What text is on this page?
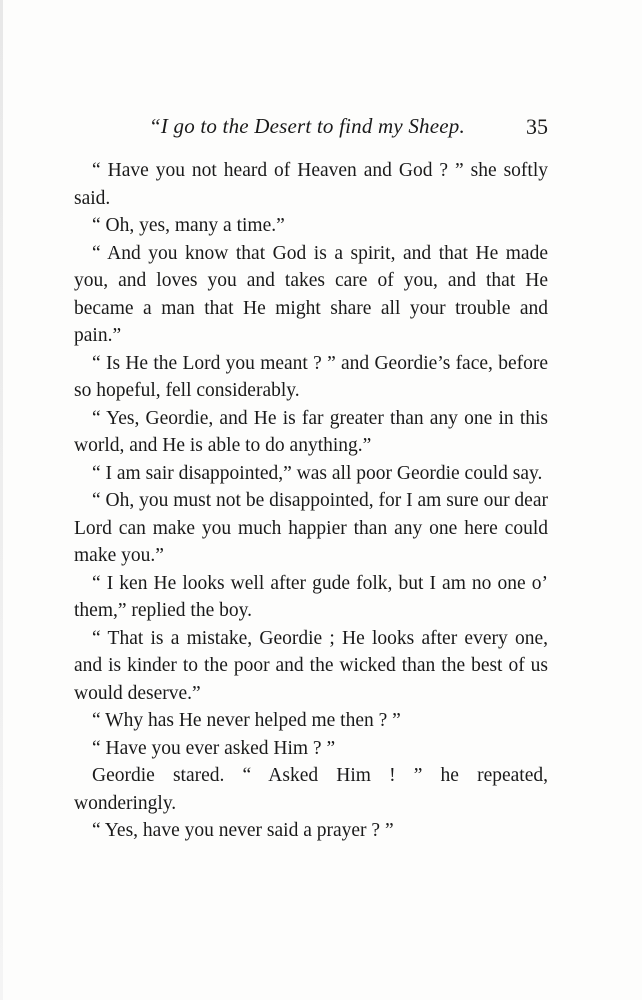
“I go to the Desert to find my Sheep.	35

“ Have you not heard of Heaven and God ? ” she softly said.

“ Oh, yes, many a time.”

“ And you know that God is a spirit, and that He made you, and loves you and takes care of you, and that He became a man that He might share all your trouble and pain.”

“ Is He the Lord you meant ? ” and Geordie’s face, before so hopeful, fell considerably.

“ Yes, Geordie, and He is far greater than any one in this world, and He is able to do anything.”

“ I am sair disappointed,” was all poor Geordie could say.

“ Oh, you must not be disappointed, for I am sure our dear Lord can make you much happier than any one here could make you.”

“ I ken He looks well after gude folk, but I am no one o’ them,” replied the boy.

“ That is a mistake, Geordie ; He looks after every one, and is kinder to the poor and the wicked than the best of us would deserve.”

“ Why has He never helped me then ? ”

“ Have you ever asked Him ? ”

Geordie stared. “ Asked Him ! ” he repeated, wonderingly.

“ Yes, have you never said a prayer ? ”
